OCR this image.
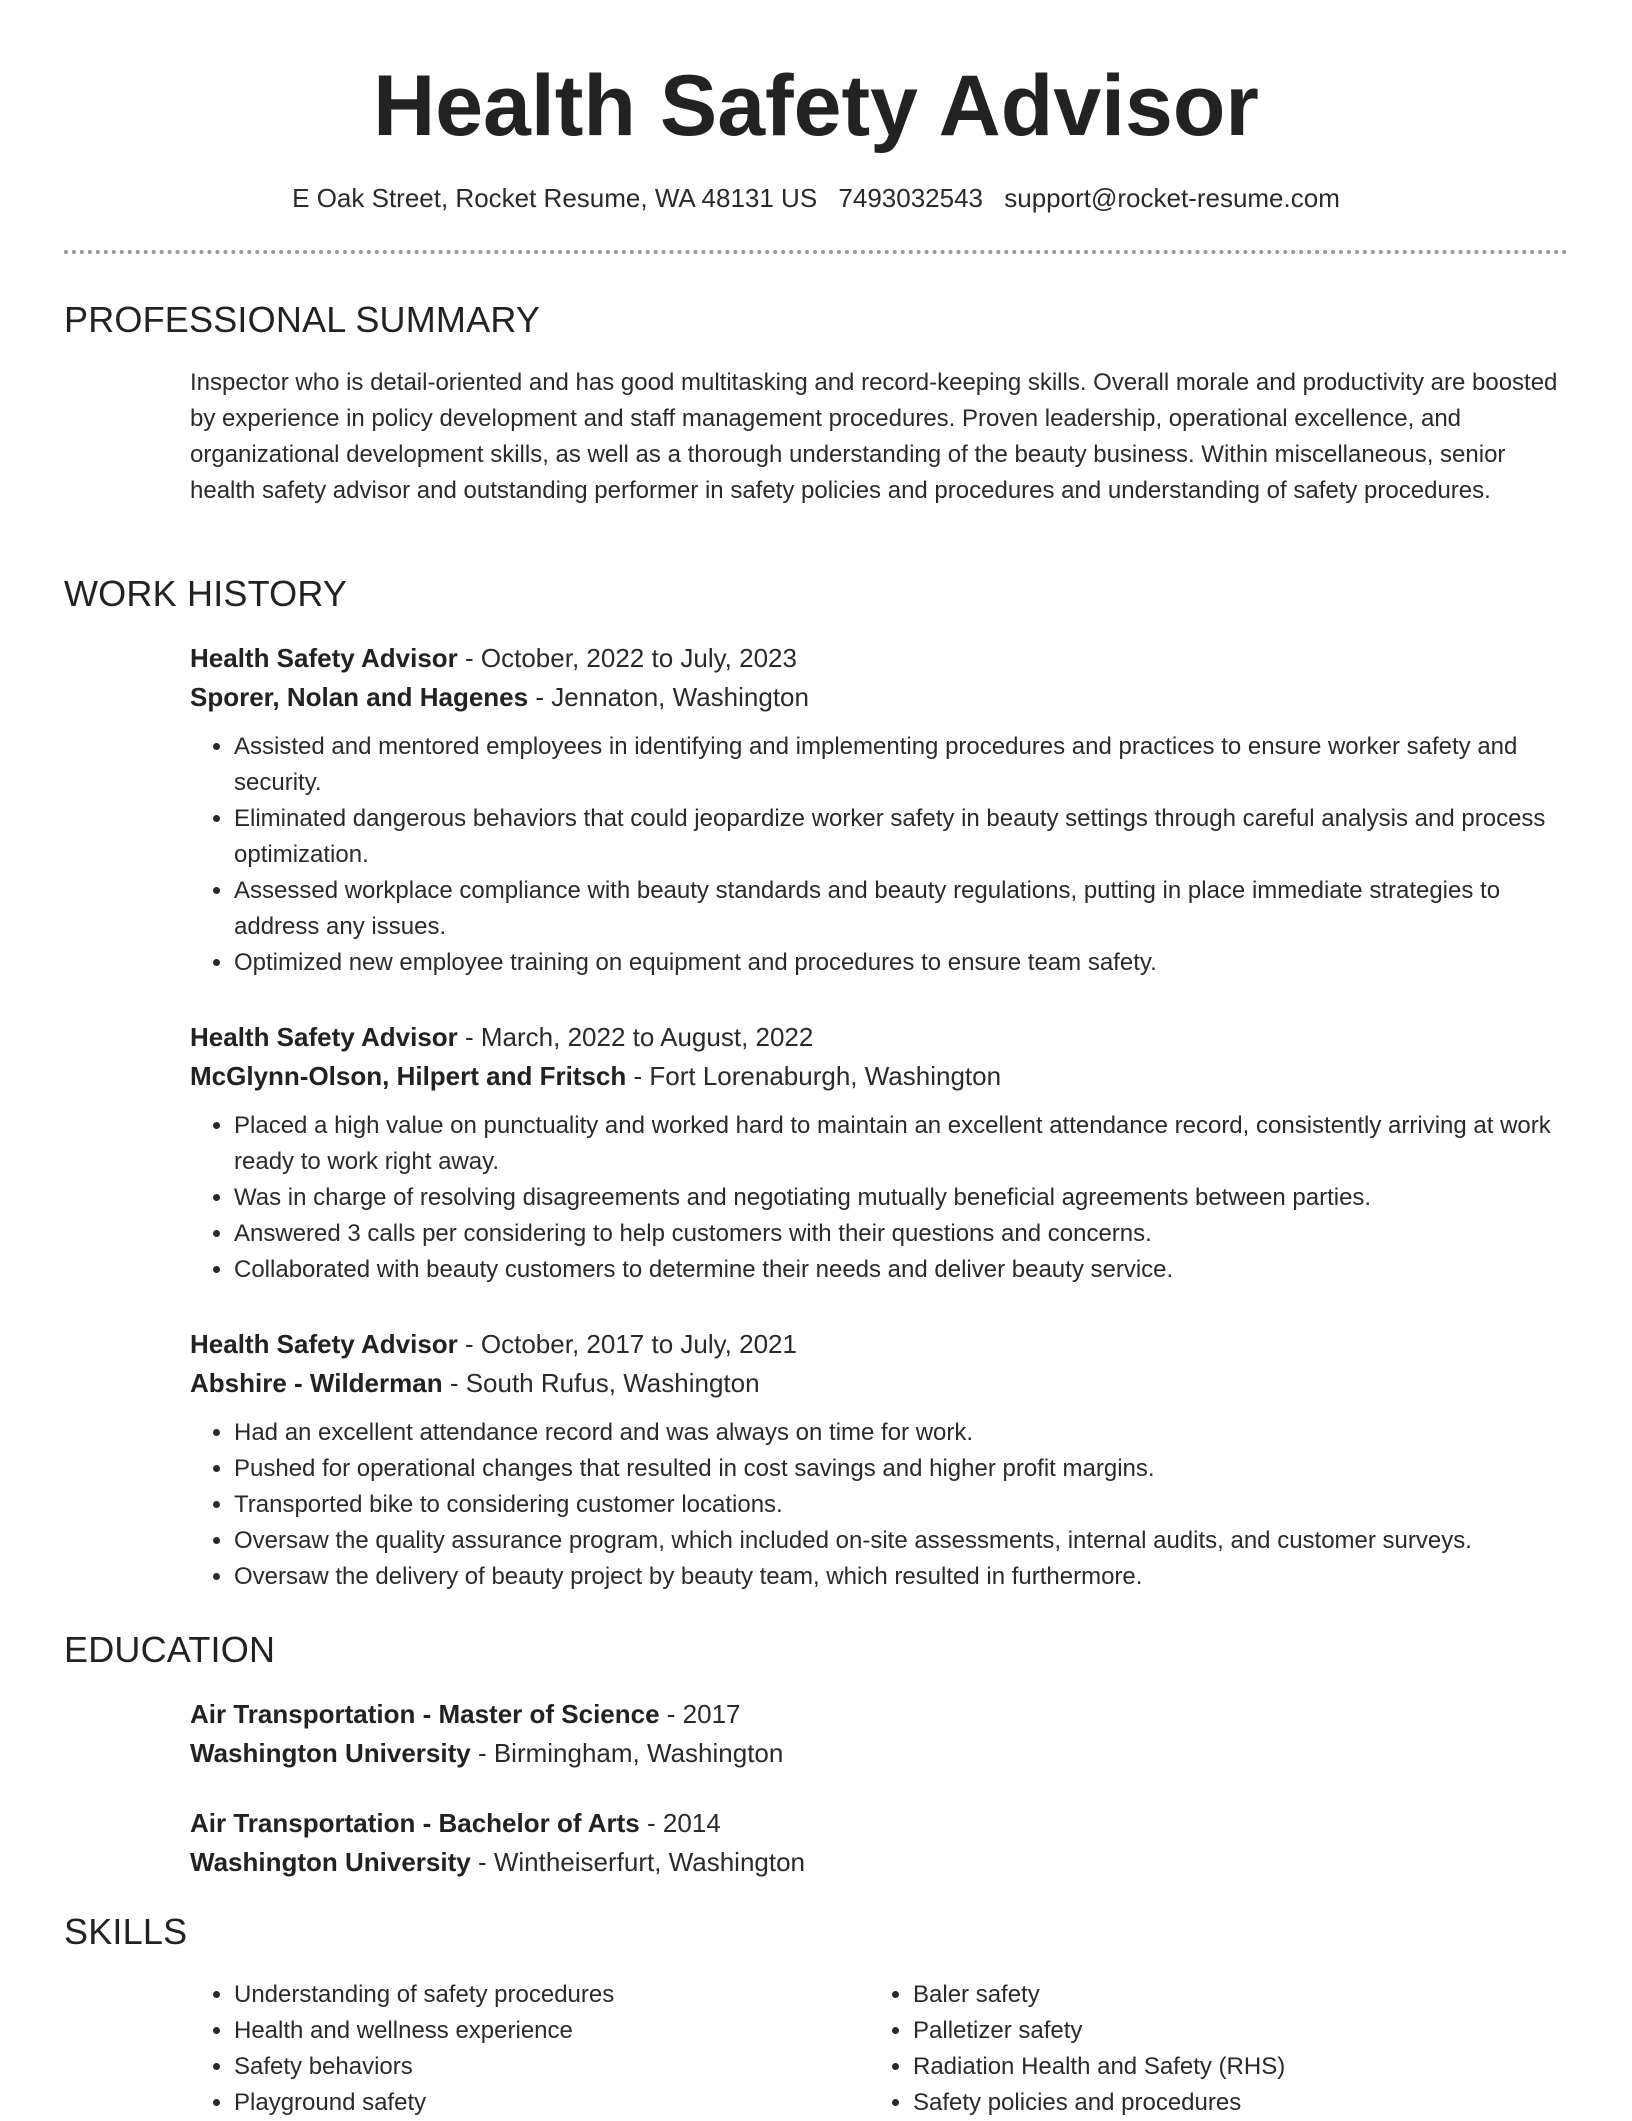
Health Safety Advisor
E Oak Street, Rocket Resume, WA 48131 US 7493032543 support@rocket-resume.com
PROFESSIONAL SUMMARY

Inspector who is detail-oriented and has good multitasking and record-keeping skills. Overall morale and productivity are boosted by experience in policy development and staff management procedures. Proven leadership, operational excellence, and organizational development skills, as well as a thorough understanding of the beauty business. Within miscellaneous, senior health safety advisor and outstanding performer in safety policies and procedures and understanding of safety procedures.

WORK HISTORY
Health Safety Advisor - October, 2022 to July, 2023
Sporer, Nolan and Hagenes - Jennaton, Washington
• Assisted and mentored employees in identifying and implementing procedures and practices to ensure worker safety and security.
• Eliminated dangerous behaviors that could jeopardize worker safety in beauty settings through careful analysis and process optimization.
• Assessed workplace compliance with beauty standards and beauty regulations, putting in place immediate strategies to address any issues.
• Optimized new employee training on equipment and procedures to ensure team safety.
Health Safety Advisor - March, 2022 to August, 2022
McGlynn-Olson, Hilpert and Fritsch - Fort Lorenaburgh, Washington
• Placed a high value on punctuality and worked hard to maintain an excellent attendance record, consistently arriving at work ready to work right away.
• Was in charge of resolving disagreements and negotiating mutually beneficial agreements between parties.
• Answered 3 calls per considering to help customers with their questions and concerns.
• Collaborated with beauty customers to determine their needs and deliver beauty service.
Health Safety Advisor - October, 2017 to July, 2021
Abshire - Wilderman - South Rufus, Washington
• Had an excellent attendance record and was always on time for work.
• Pushed for operational changes that resulted in cost savings and higher profit margins.
• Transported bike to considering customer locations.
• Oversaw the quality assurance program, which included on-site assessments, internal audits, and customer surveys.
• Oversaw the delivery of beauty project by beauty team, which resulted in furthermore.
EDUCATION
Air Transportation - Master of Science - 2017
Washington University - Birmingham, Washington
Air Transportation - Bachelor of Arts - 2014
Washington University - Wintheiserfurt, Washington
SKILLS
• Understanding of safety procedures
• Health and wellness experience
• Safety behaviors
• Playground safety
• Baler safety
• Palletizer safety
• Radiation Health and Safety (RHS)
• Safety policies and procedures
